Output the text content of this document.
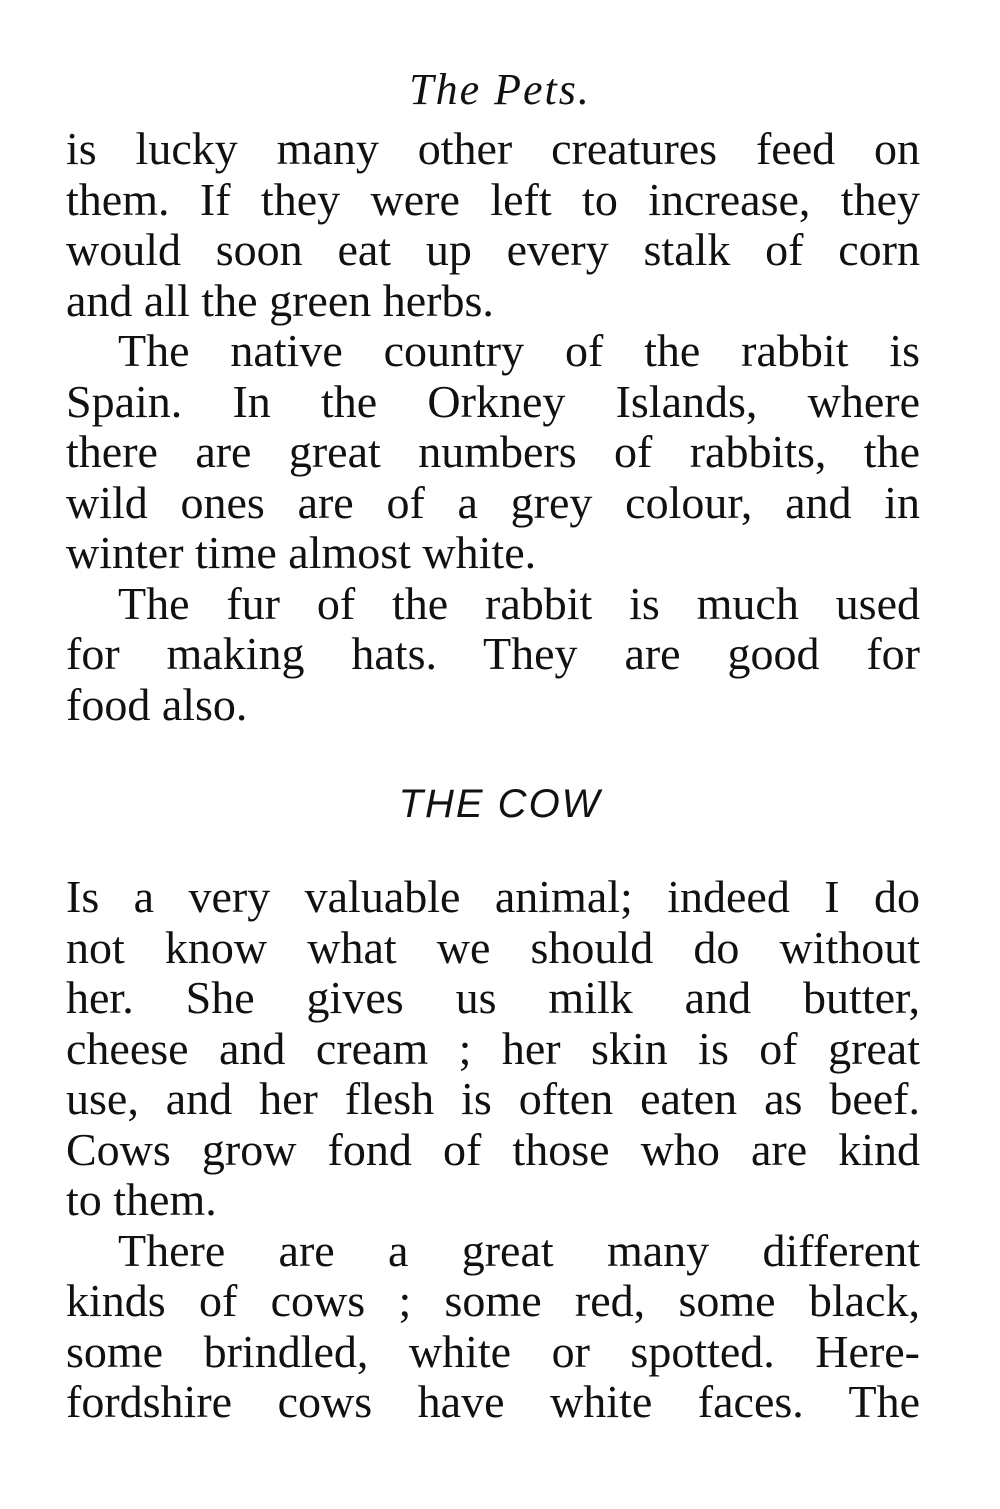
The Pets.
is lucky many other creatures feed on
them. If they were left to increase, they
would soon eat up every stalk of corn
and all the green herbs.
The native country of the rabbit is
Spain. In the Orkney Islands, where
there are great numbers of rabbits, the
wild ones are of a grey colour, and in
winter time almost white.
The fur of the rabbit is much used
for making hats. They are good for
food also.
THE COW
Is a very valuable animal; indeed I do
not know what we should do without
her. She gives us milk and butter,
cheese and cream ; her skin is of great
use, and her flesh is often eaten as beef.
Cows grow fond of those who are kind
to them.
There are a great many different
kinds of cows ; some red, some black,
some brindled, white or spotted. Here-
fordshire cows have white faces. The
